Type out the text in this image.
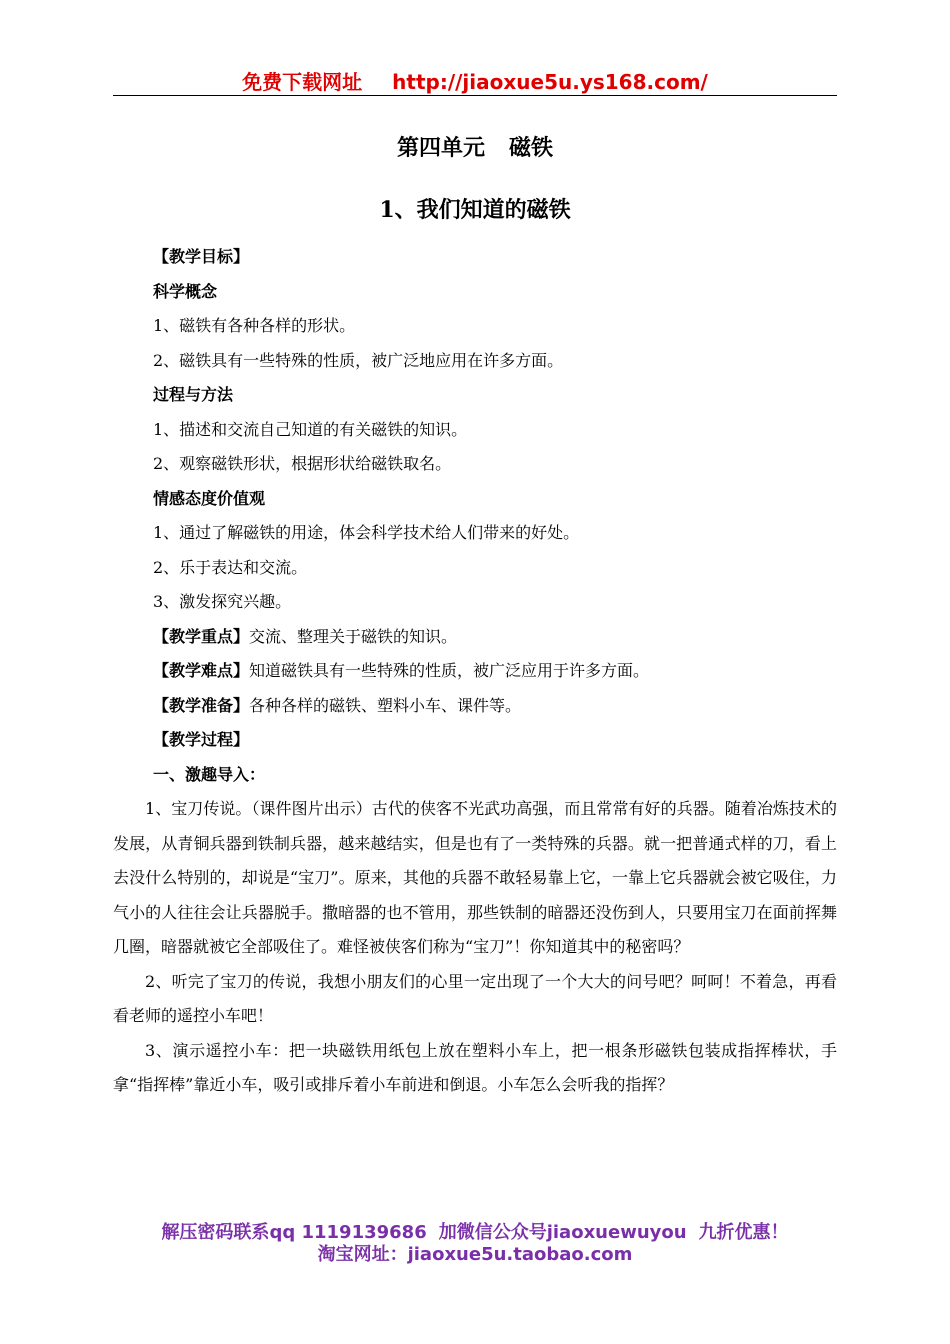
免费下载网址 http://jiaoxue5u.ys168.com/
第四单元 磁铁
1、我们知道的磁铁
【教学目标】
科学概念
1、磁铁有各种各样的形状。
2、磁铁具有一些特殊的性质，被广泛地应用在许多方面。
过程与方法
1、描述和交流自己知道的有关磁铁的知识。
2、观察磁铁形状，根据形状给磁铁取名。
情感态度价值观
1、通过了解磁铁的用途，体会科学技术给人们带来的好处。
2、乐于表达和交流。
3、激发探究兴趣。
【教学重点】交流、整理关于磁铁的知识。
【教学难点】知道磁铁具有一些特殊的性质，被广泛应用于许多方面。
【教学准备】各种各样的磁铁、塑料小车、课件等。
【教学过程】
一、激趣导入：
1、宝刀传说。（课件图片出示）古代的侠客不光武功高强，而且常常有好的兵器。随着冶炼技术的发展，从青铜兵器到铁制兵器，越来越结实，但是也有了一类特殊的兵器。就一把普通式样的刀，看上去没什么特别的，却说是“宝刀”。原来，其他的兵器不敢轻易靠上它，一靠上它兵器就会被它吸住，力气小的人往往会让兵器脱手。撒暗器的也不管用，那些铁制的暗器还没伤到人，只要用宝刀在面前挥舞几圈，暗器就被它全部吸住了。难怪被侠客们称为“宝刀”！你知道其中的秘密吗？
2、听完了宝刀的传说，我想小朋友们的心里一定出现了一个大大的问号吧？呵呵！不着急，再看看老师的遥控小车吧！
3、演示遥控小车：把一块磁铁用纸包上放在塑料小车上，把一根条形磁铁包装成指挥棒状，手拿“指挥棒”靠近小车，吸引或排斥着小车前进和倒退。小车怎么会听我的指挥？
解压密码联系qq 1119139686 加微信公众号jiaoxuewuyou 九折优惠！
淘宝网址：jiaoxue5u.taobao.com
